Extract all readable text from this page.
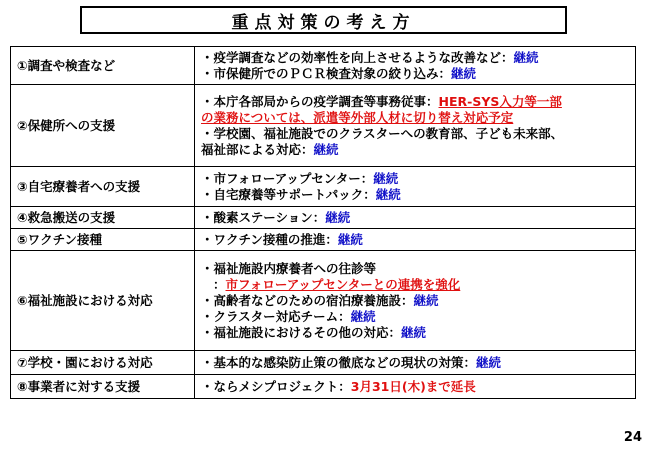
重点対策の考え方
①調査や検査など	・疫学調査などの効率性を向上させるような改善など：継続
・市保健所でのＰＣＲ検査対象の絞り込み：継続

②保健所への支援	・本庁各部局からの疫学調査等事務従事：HER-SYS入力等一部
の業務については、派遣等外部人材に切り替え対応予定
・学校園、福祉施設でのクラスターへの教育部、子ども未来部、
福祉部による対応：継続

③自宅療養者への支援	・市フォローアップセンター：継続
・自宅療養等サポートパック：継続

④救急搬送の支援	・酸素ステーション：継続

⑤ワクチン接種	・ワクチン接種の推進：継続

⑥福祉施設における対応	・福祉施設内療養者への往診等
：市フォローアップセンターとの連携を強化
・高齢者などのための宿泊療養施設：継続
・クラスター対応チーム：継続
・福祉施設におけるその他の対応：継続

⑦学校・園における対応	・基本的な感染防止策の徹底などの現状の対策：継続

⑧事業者に対する支援	・ならメシプロジェクト：3月31日(木)まで延長
24
